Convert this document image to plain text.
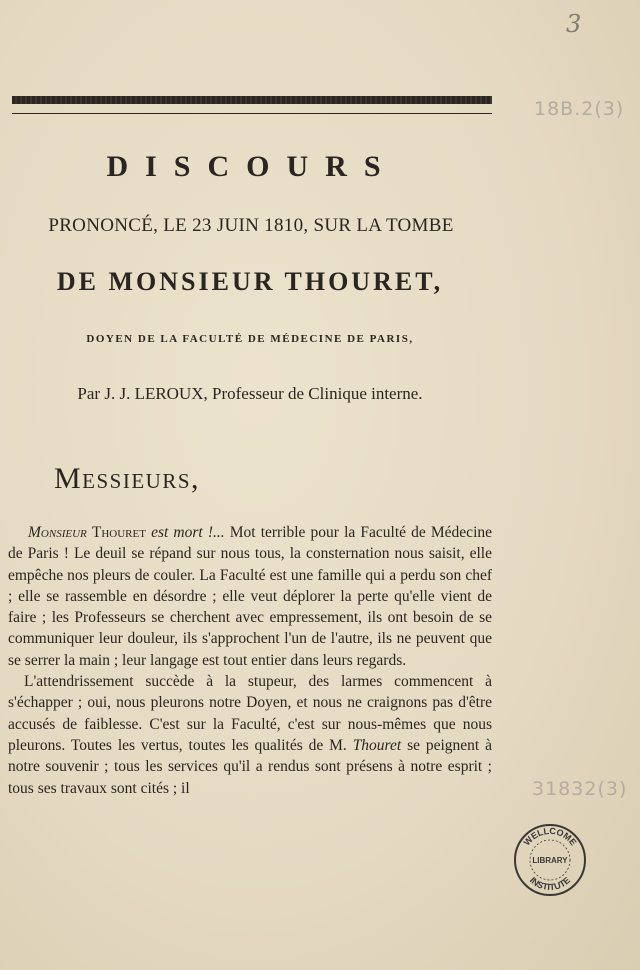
3
18B.2(3)
31832(3)
DISCOURS
PRONONCÉ, LE 23 JUIN 1810, SUR LA TOMBE
DE MONSIEUR THOURET,
DOYEN DE LA FACULTÉ DE MÉDECINE DE PARIS,
Par J. J. LEROUX, Professeur de Clinique interne.
Messieurs,

Monsieur Thouret est mort !... Mot terrible pour la Faculté de Médecine de Paris ! Le deuil se répand sur nous tous, la consternation nous saisit, elle empêche nos pleurs de couler. La Faculté est une famille qui a perdu son chef ; elle se rassemble en désordre ; elle veut déplorer la perte qu'elle vient de faire ; les Professeurs se cherchent avec empressement, ils ont besoin de se communiquer leur douleur, ils s'approchent l'un de l'autre, ils ne peuvent que se serrer la main ; leur langage est tout entier dans leurs regards.

L'attendrissement succède à la stupeur, des larmes commencent à s'échapper ; oui, nous pleurons notre Doyen, et nous ne craignons pas d'être accusés de faiblesse. C'est sur la Faculté, c'est sur nous-mêmes que nous pleurons. Toutes les vertus, toutes les qualités de M. Thouret se peignent à notre souvenir ; tous les services qu'il a rendus sont présens à notre esprit ; tous ses travaux sont cités ; il

WELLCOME
LIBRARY
INSTITUTE
